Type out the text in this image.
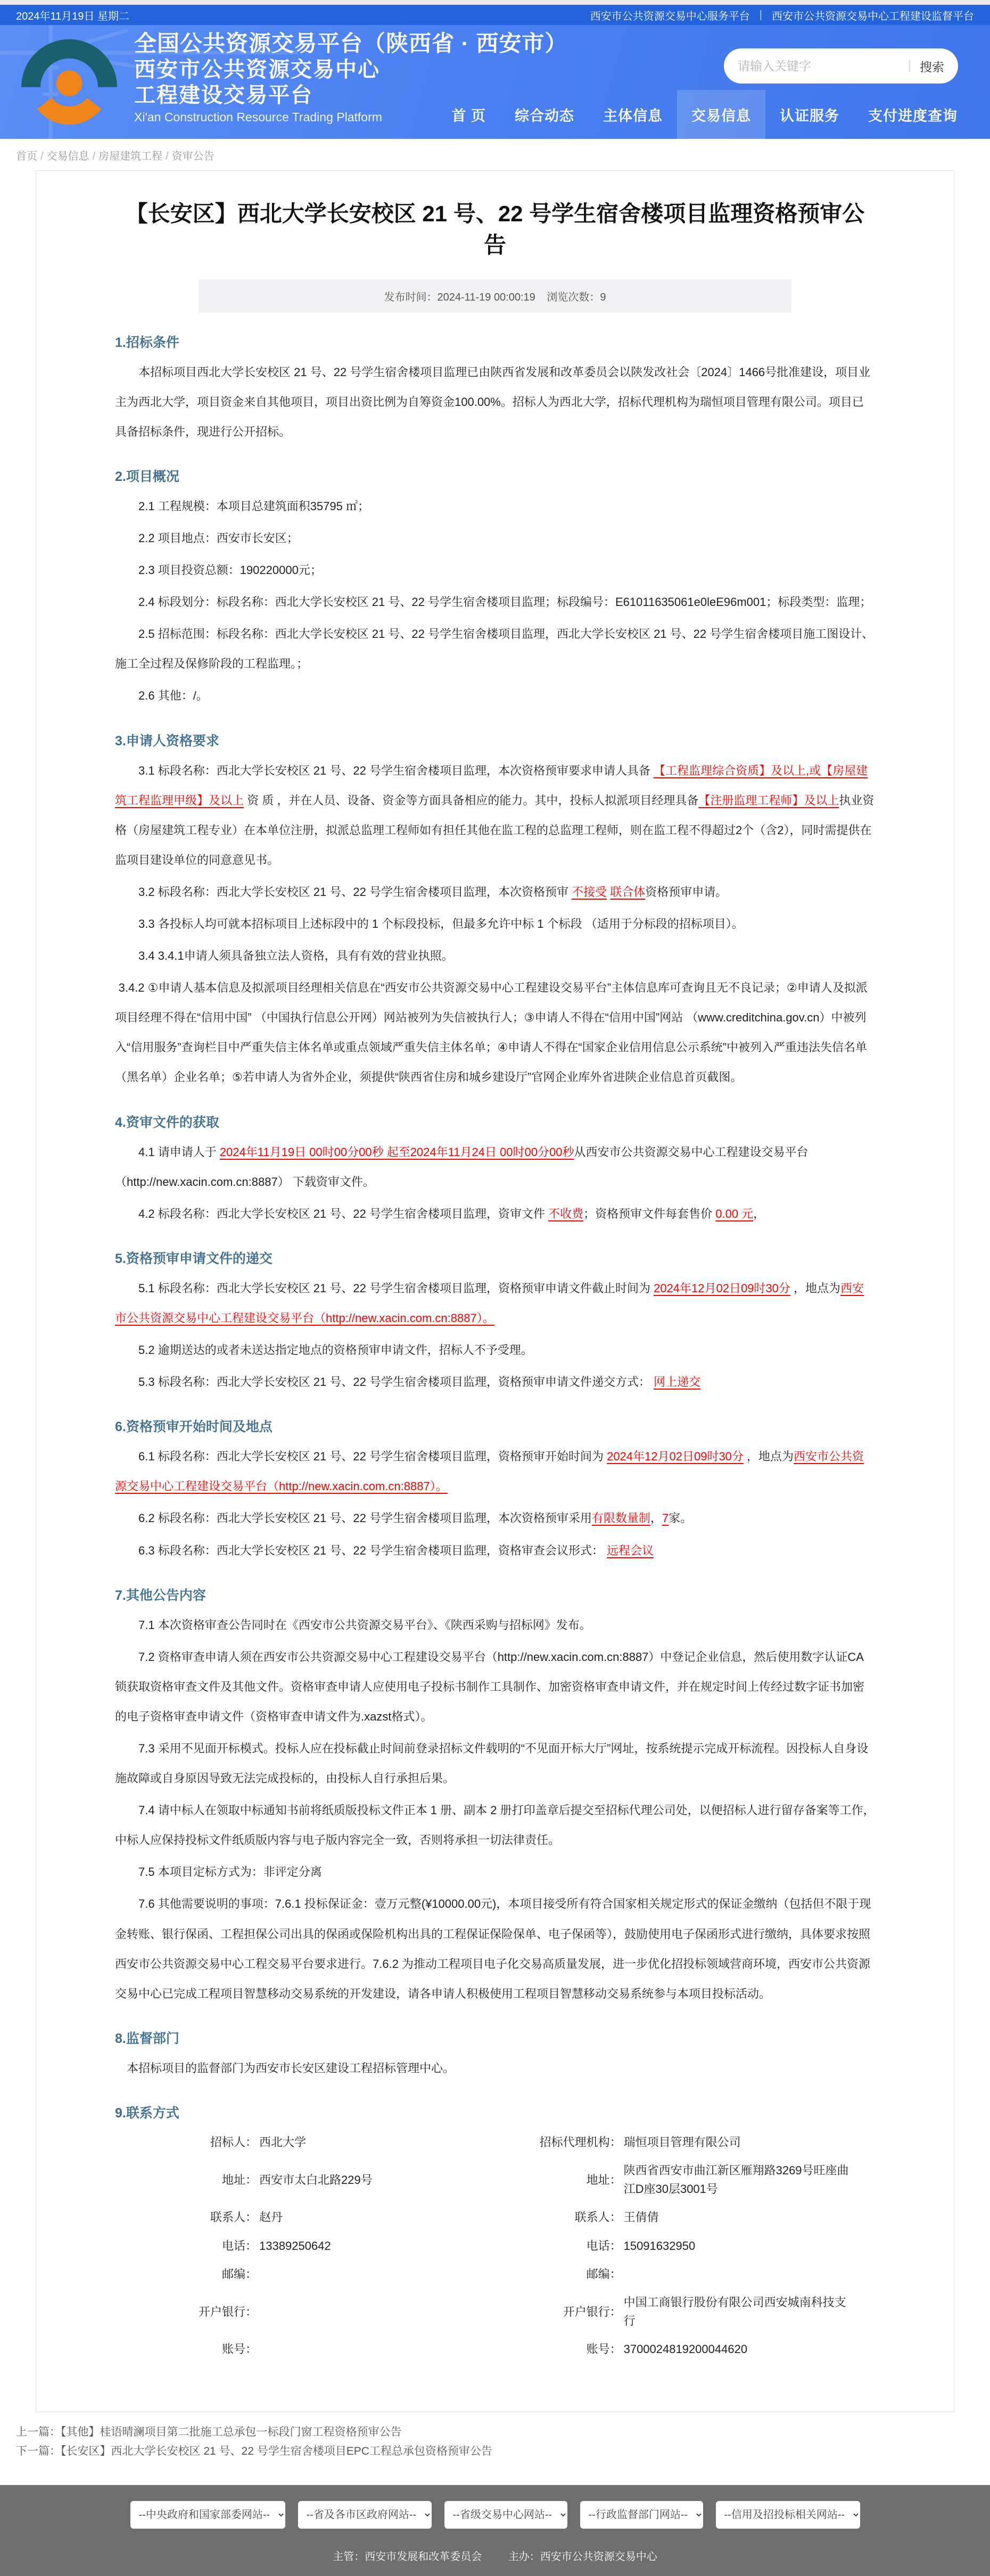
2024年11月19日 星期二	西安市公共资源交易中心服务平台 | 西安市公共资源交易中心工程建设监督平台
全国公共资源交易平台（陕西省 · 西安市）
西安市公共资源交易中心
工程建设交易平台
Xi'an Construction Resource Trading Platform
请输入关键字
| 搜索
首 页	综合动态	主体信息	交易信息	认证服务	支付进度查询
首页 / 交易信息 / 房屋建筑工程 / 资审公告
【长安区】西北大学长安校区 21 号、22 号学生宿舍楼项目监理资格预审公告
发布时间：2024-11-19 00:00:19 浏览次数：9
1.招标条件

本招标项目西北大学长安校区 21 号、22 号学生宿舍楼项目监理已由陕西省发展和改革委员会以陕发改社会〔2024〕1466号批准建设，项目业主为西北大学，项目资金来自其他项目，项目出资比例为自筹资金100.00%。招标人为西北大学，招标代理机构为瑞恒项目管理有限公司。项目已具备招标条件，现进行公开招标。

2.项目概况

2.1 工程规模：本项目总建筑面积35795 ㎡；

2.2 项目地点：西安市长安区；

2.3 项目投资总额：190220000元；

2.4 标段划分：标段名称：西北大学长安校区 21 号、22 号学生宿舍楼项目监理；标段编号：E61011635061e0leE96m001；标段类型：监理；

2.5 招标范围：标段名称：西北大学长安校区 21 号、22 号学生宿舍楼项目监理，西北大学长安校区 21 号、22 号学生宿舍楼项目施工图设计、施工全过程及保修阶段的工程监理。；

2.6 其他：/。

3.申请人资格要求

3.1 标段名称：西北大学长安校区 21 号、22 号学生宿舍楼项目监理，本次资格预审要求申请人具备 【工程监理综合资质】及以上,或【房屋建筑工程监理甲级】及以上 资 质 ，并在人员、设备、资金等方面具备相应的能力。其中，投标人拟派项目经理具备【注册监理工程师】及以上执业资格（房屋建筑工程专业）在本单位注册，拟派总监理工程师如有担任其他在监工程的总监理工程师，则在监工程不得超过2个（含2），同时需提供在监项目建设单位的同意意见书。

3.2 标段名称：西北大学长安校区 21 号、22 号学生宿舍楼项目监理，本次资格预审 不接受 联合体资格预审申请。

3.3 各投标人均可就本招标项目上述标段中的 1 个标段投标，但最多允许中标 1 个标段 （适用于分标段的招标项目）。

3.4 3.4.1申请人须具备独立法人资格，具有有效的营业执照。

3.4.2 ①申请人基本信息及拟派项目经理相关信息在“西安市公共资源交易中心工程建设交易平台”主体信息库可查询且无不良记录；②申请人及拟派项目经理不得在“信用中国” （中国执行信息公开网）网站被列为失信被执行人；③申请人不得在“信用中国”网站 （www.creditchina.gov.cn）中被列入“信用服务”查询栏目中严重失信主体名单或重点领域严重失信主体名单；④申请人不得在“国家企业信用信息公示系统”中被列入严重违法失信名单（黑名单）企业名单；⑤若申请人为省外企业，须提供“陕西省住房和城乡建设厅”官网企业库外省进陕企业信息首页截图。

4.资审文件的获取

4.1 请申请人于 2024年11月19日 00时00分00秒 起至2024年11月24日 00时00分00秒从西安市公共资源交易中心工程建设交易平台（http://new.xacin.com.cn:8887） 下载资审文件。

4.2 标段名称：西北大学长安校区 21 号、22 号学生宿舍楼项目监理，资审文件 不收费；资格预审文件每套售价 0.00 元，

5.资格预审申请文件的递交

5.1 标段名称：西北大学长安校区 21 号、22 号学生宿舍楼项目监理，资格预审申请文件截止时间为 2024年12月02日09时30分 ，地点为西安市公共资源交易中心工程建设交易平台（http://new.xacin.com.cn:8887）。

5.2 逾期送达的或者未送达指定地点的资格预审申请文件，招标人不予受理。

5.3 标段名称：西北大学长安校区 21 号、22 号学生宿舍楼项目监理，资格预审申请文件递交方式： 网上递交

6.资格预审开始时间及地点

6.1 标段名称：西北大学长安校区 21 号、22 号学生宿舍楼项目监理，资格预审开始时间为 2024年12月02日09时30分 ，地点为西安市公共资源交易中心工程建设交易平台（http://new.xacin.com.cn:8887）。

6.2 标段名称：西北大学长安校区 21 号、22 号学生宿舍楼项目监理，本次资格预审采用有限数量制，7家。

6.3 标段名称：西北大学长安校区 21 号、22 号学生宿舍楼项目监理，资格审查会议形式： 远程会议

7.其他公告内容

7.1 本次资格审查公告同时在《西安市公共资源交易平台》、《陕西采购与招标网》发布。

7.2 资格审查申请人须在西安市公共资源交易中心工程建设交易平台（http://new.xacin.com.cn:8887）中登记企业信息，然后使用数字认证CA锁获取资格审查文件及其他文件。资格审查申请人应使用电子投标书制作工具制作、加密资格审查申请文件，并在规定时间上传经过数字证书加密的电子资格审查申请文件（资格审查申请文件为.xazst格式）。

7.3 采用不见面开标模式。投标人应在投标截止时间前登录招标文件载明的“不见面开标大厅”网址，按系统提示完成开标流程。因投标人自身设施故障或自身原因导致无法完成投标的，由投标人自行承担后果。

7.4 请中标人在领取中标通知书前将纸质版投标文件正本 1 册、副本 2 册打印盖章后提交至招标代理公司处，以便招标人进行留存备案等工作，中标人应保持投标文件纸质版内容与电子版内容完全一致，否则将承担一切法律责任。

7.5 本项目定标方式为：非评定分离

7.6 其他需要说明的事项：7.6.1 投标保证金：壹万元整(¥10000.00元)，本项目接受所有符合国家相关规定形式的保证金缴纳（包括但不限于现金转账、银行保函、工程担保公司出具的保函或保险机构出具的工程保证保险保单、电子保函等），鼓励使用电子保函形式进行缴纳，具体要求按照西安市公共资源交易中心工程交易平台要求进行。7.6.2 为推动工程项目电子化交易高质量发展，进一步优化招投标领域营商环境，西安市公共资源交易中心已完成工程项目智慧移动交易系统的开发建设，请各申请人积极使用工程项目智慧移动交易系统参与本项目投标活动。

8.监督部门

本招标项目的监督部门为西安市长安区建设工程招标管理中心。

9.联系方式
招标人：	西北大学	招标代理机构：	瑞恒项目管理有限公司
地址：	西安市太白北路229号	地址：	陕西省西安市曲江新区雁翔路3269号旺座曲江D座30层3001号
联系人：	赵丹	联系人：	王倩倩
电话：	13389250642	电话：	15091632950
邮编：		邮编：	
开户银行：		开户银行：	中国工商银行股份有限公司西安城南科技支行
账号：		账号：	3700024819200044620
上一篇：【其他】桂语晴澜项目第二批施工总承包一标段门窗工程资格预审公告
下一篇：【长安区】西北大学长安校区 21 号、22 号学生宿舍楼项目EPC工程总承包资格预审公告
--中央政府和国家部委网站--
--省及各市区政府网站--
--省级交易中心网站--
--行政监督部门网站--
--信用及招投标相关网站--
主管：西安市发展和改革委员会 主办：西安市公共资源交易中心
